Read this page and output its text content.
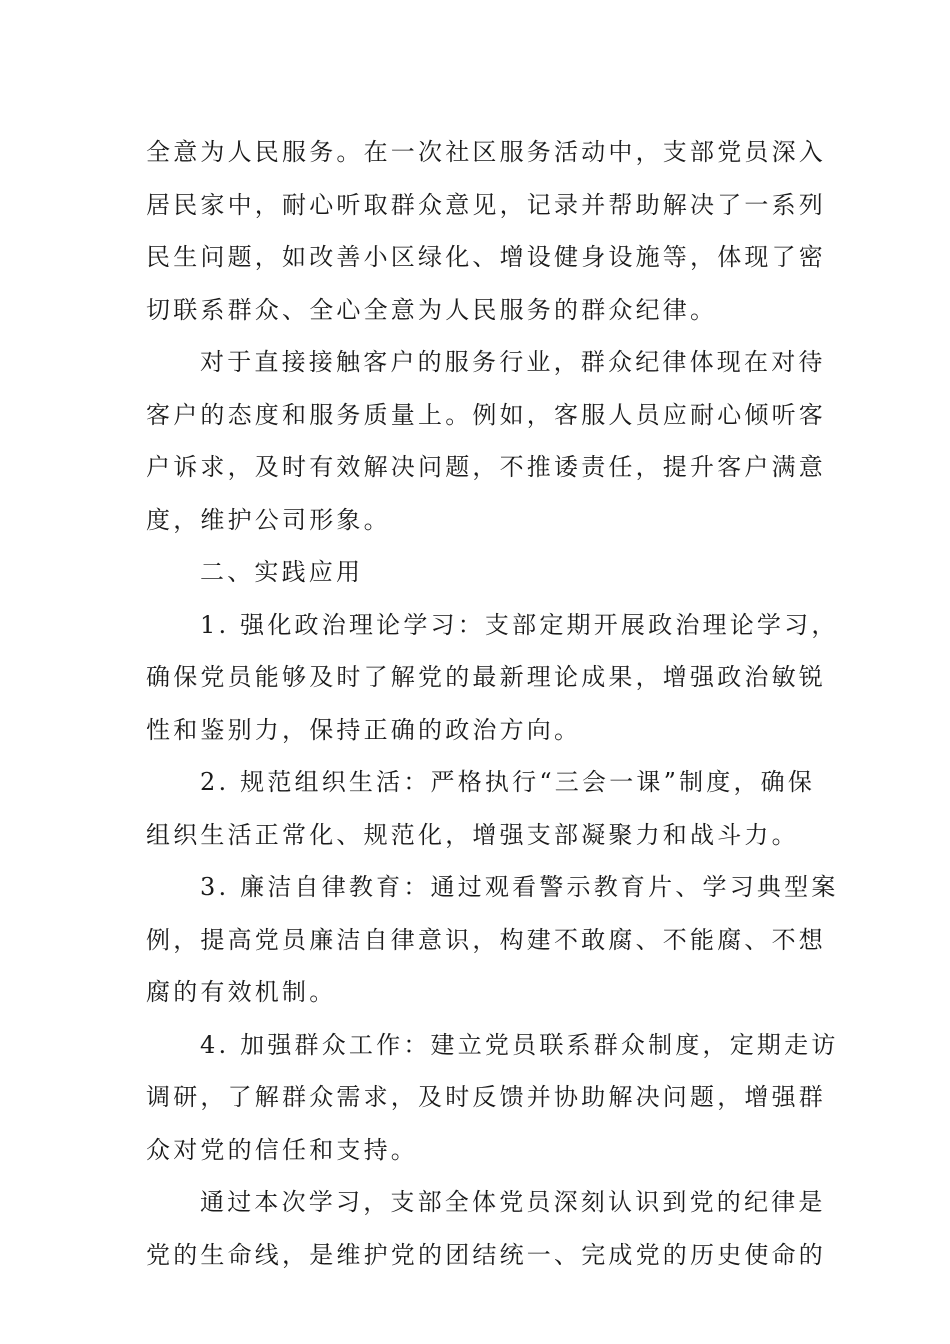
全意为人民服务。在一次社区服务活动中，支部党员深入
居民家中，耐心听取群众意见，记录并帮助解决了一系列
民生问题，如改善小区绿化、增设健身设施等，体现了密
切联系群众、全心全意为人民服务的群众纪律。

对于直接接触客户的服务行业，群众纪律体现在对待
客户的态度和服务质量上。例如，客服人员应耐心倾听客
户诉求，及时有效解决问题，不推诿责任，提升客户满意
度，维护公司形象。

二、实践应用

1. 强化政治理论学习：支部定期开展政治理论学习，
确保党员能够及时了解党的最新理论成果，增强政治敏锐
性和鉴别力，保持正确的政治方向。

2. 规范组织生活：严格执行“三会一课”制度，确保
组织生活正常化、规范化，增强支部凝聚力和战斗力。

3. 廉洁自律教育：通过观看警示教育片、学习典型案
例，提高党员廉洁自律意识，构建不敢腐、不能腐、不想
腐的有效机制。

4. 加强群众工作：建立党员联系群众制度，定期走访
调研，了解群众需求，及时反馈并协助解决问题，增强群
众对党的信任和支持。

通过本次学习，支部全体党员深刻认识到党的纪律是
党的生命线，是维护党的团结统一、完成党的历史使命的
